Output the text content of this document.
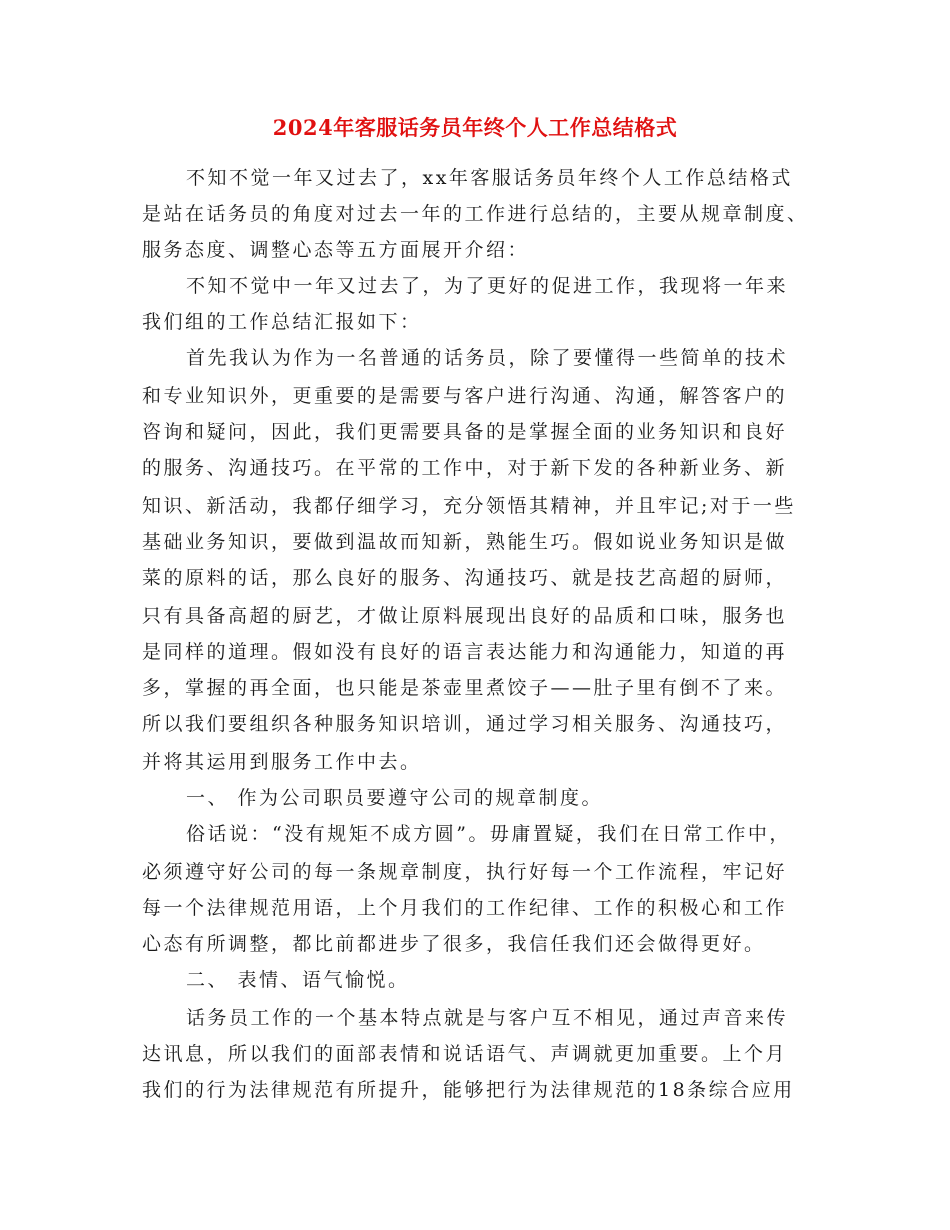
2024年客服话务员年终个人工作总结格式
不知不觉一年又过去了，xx年客服话务员年终个人工作总结格式
是站在话务员的角度对过去一年的工作进行总结的，主要从规章制度、
服务态度、调整心态等五方面展开介绍：
不知不觉中一年又过去了，为了更好的促进工作，我现将一年来
我们组的工作总结汇报如下：
首先我认为作为一名普通的话务员，除了要懂得一些简单的技术
和专业知识外，更重要的是需要与客户进行沟通、沟通，解答客户的
咨询和疑问，因此，我们更需要具备的是掌握全面的业务知识和良好
的服务、沟通技巧。在平常的工作中，对于新下发的各种新业务、新
知识、新活动，我都仔细学习，充分领悟其精神，并且牢记;对于一些
基础业务知识，要做到温故而知新，熟能生巧。假如说业务知识是做
菜的原料的话，那么良好的服务、沟通技巧、就是技艺高超的厨师，
只有具备高超的厨艺，才做让原料展现出良好的品质和口味，服务也
是同样的道理。假如没有良好的语言表达能力和沟通能力，知道的再
多，掌握的再全面，也只能是茶壶里煮饺子——肚子里有倒不了来。
所以我们要组织各种服务知识培训，通过学习相关服务、沟通技巧，
并将其运用到服务工作中去。
一、 作为公司职员要遵守公司的规章制度。
俗话说：“没有规矩不成方圆”。毋庸置疑，我们在日常工作中，
必须遵守好公司的每一条规章制度，执行好每一个工作流程，牢记好
每一个法律规范用语，上个月我们的工作纪律、工作的积极心和工作
心态有所调整，都比前都进步了很多，我信任我们还会做得更好。
二、 表情、语气愉悦。
话务员工作的一个基本特点就是与客户互不相见，通过声音来传
达讯息，所以我们的面部表情和说话语气、声调就更加重要。上个月
我们的行为法律规范有所提升，能够把行为法律规范的18条综合应用
